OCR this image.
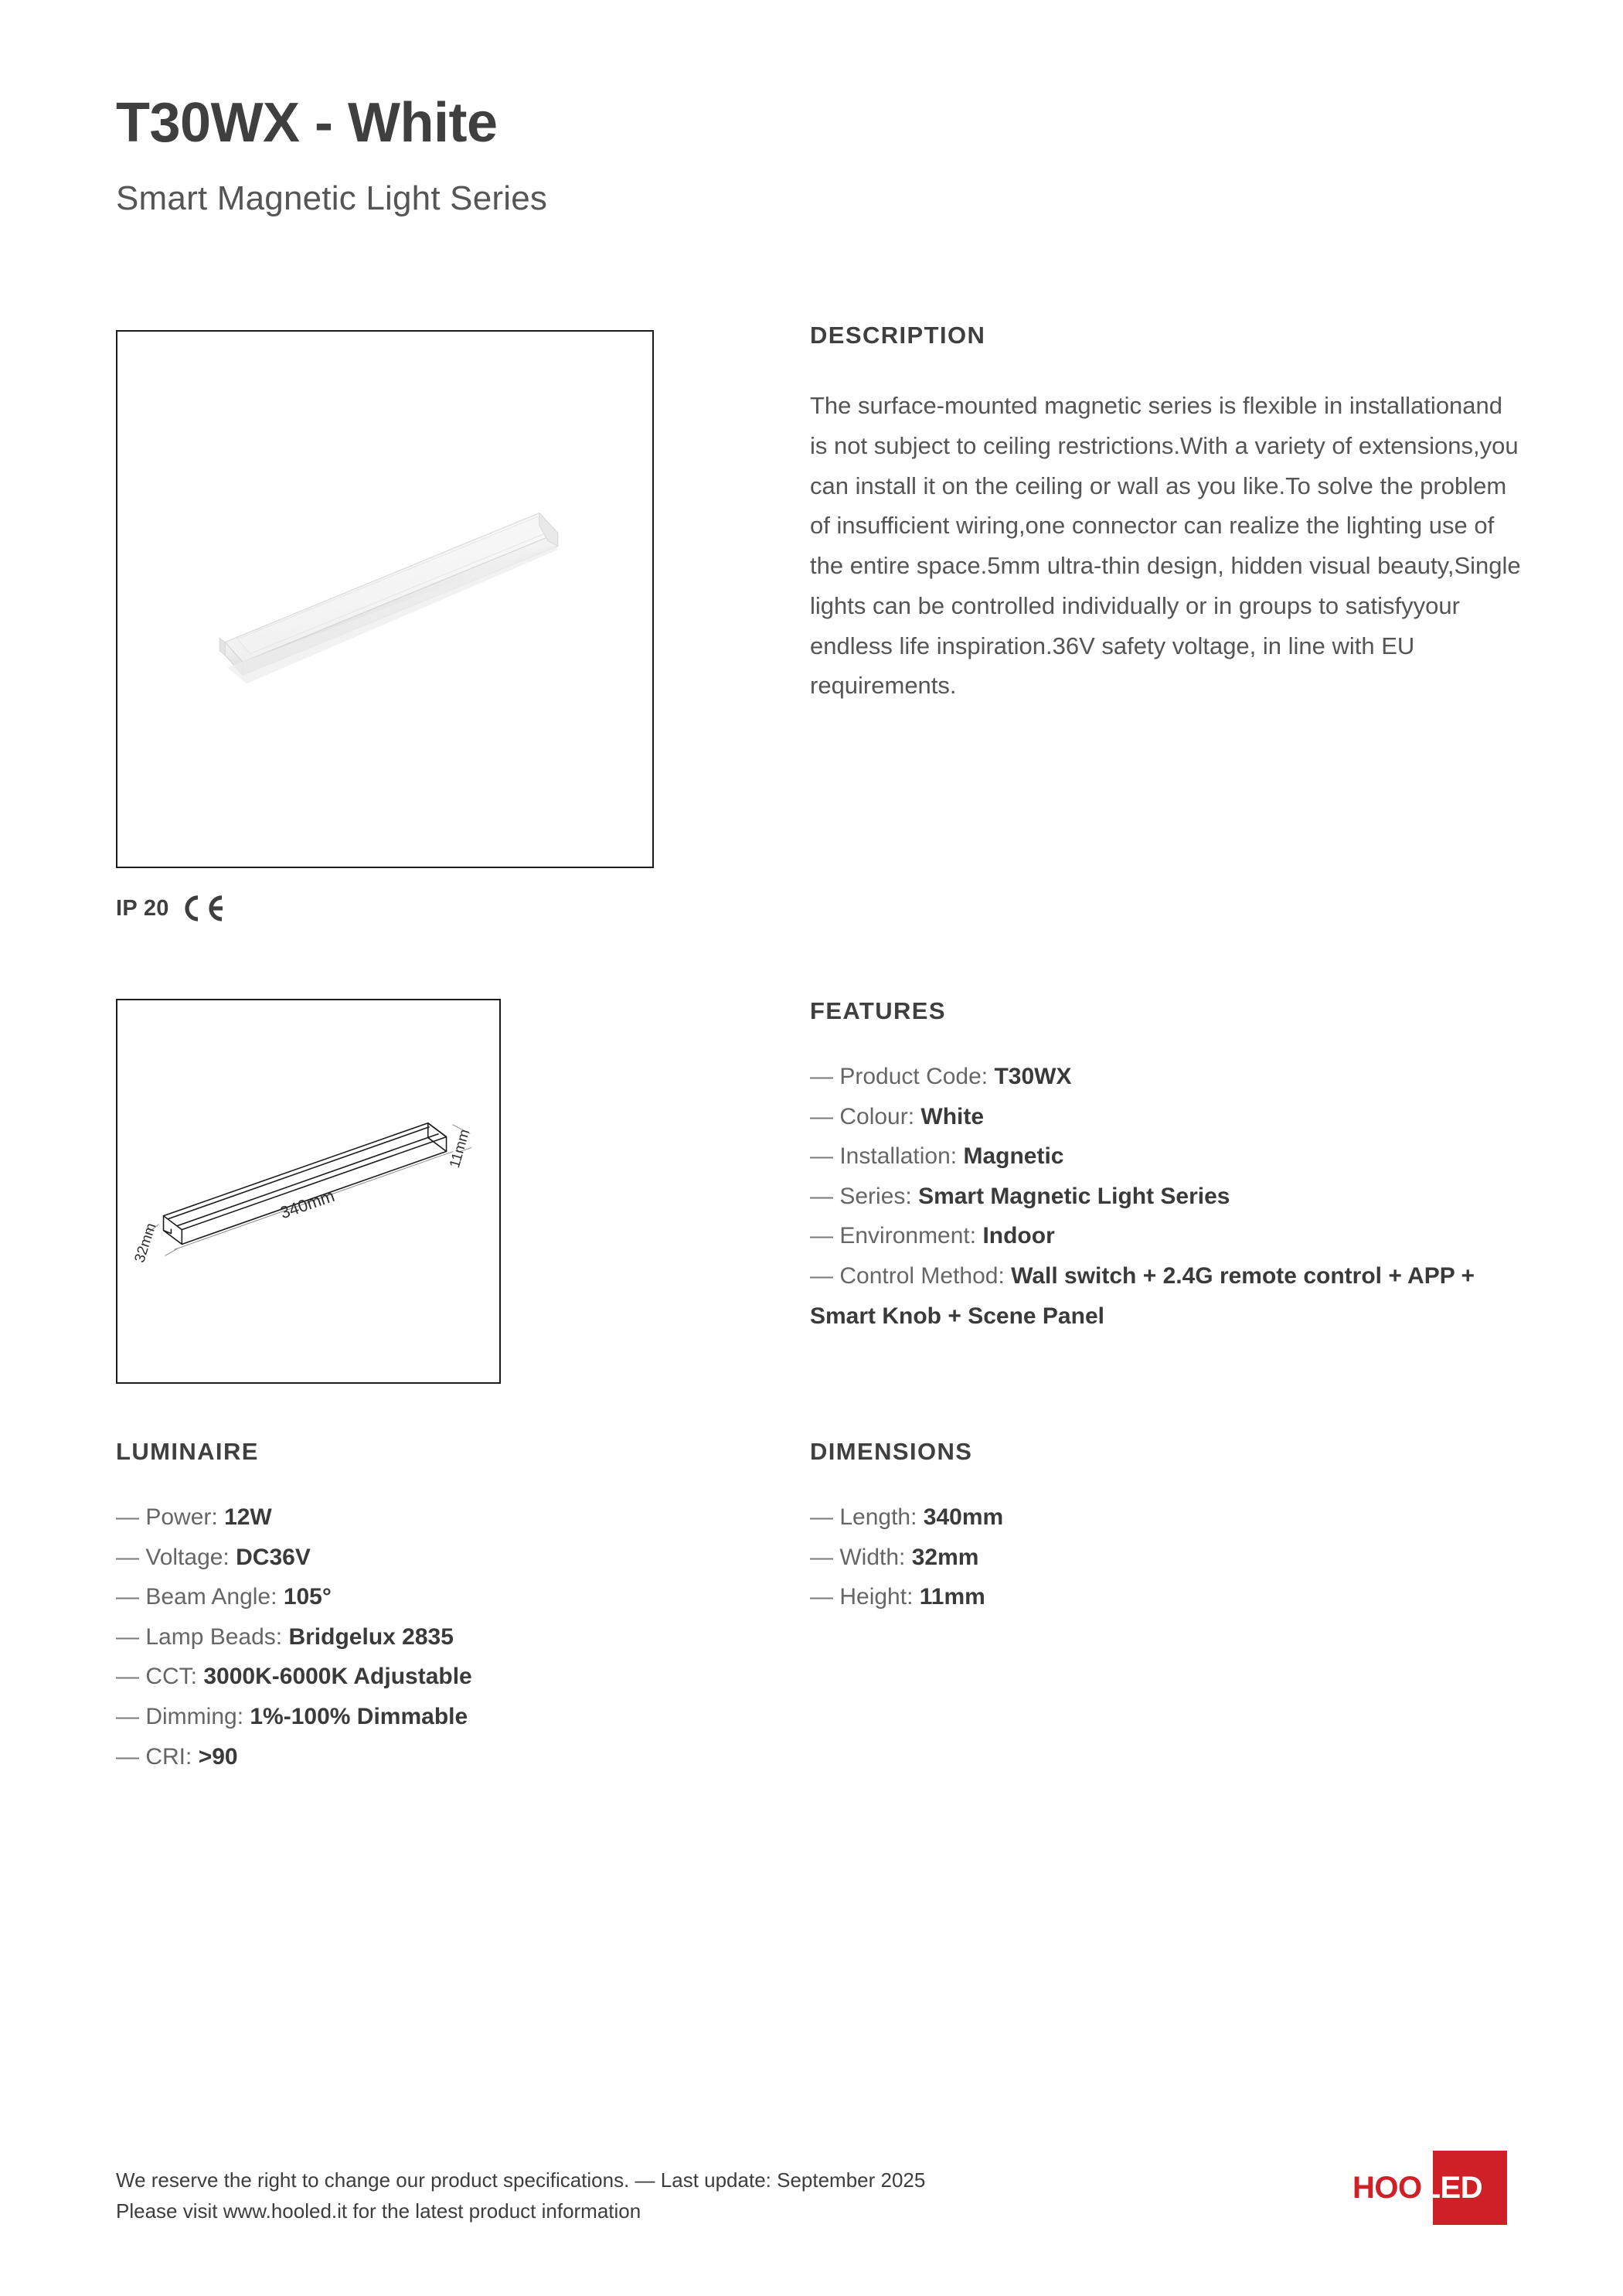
T30WX - White
Smart Magnetic Light Series
IP 20
340mm
11mm
32mm
DESCRIPTION

The surface-mounted magnetic series is flexible in installationand is not subject to ceiling restrictions.With a variety of extensions,you can install it on the ceiling or wall as you like.To solve the problem of insufficient wiring,one connector can realize the lighting use of the entire space.5mm ultra-thin design, hidden visual beauty,Single lights can be controlled individually or in groups to satisfyyour endless life inspiration.36V safety voltage, in line with EU requirements.

FEATURES
— Product Code: T30WX
— Colour: White
— Installation: Magnetic
— Series: Smart Magnetic Light Series
— Environment: Indoor
— Control Method: Wall switch + 2.4G remote control + APP + Smart Knob + Scene Panel
LUMINAIRE
— Power: 12W
— Voltage: DC36V
— Beam Angle: 105°
— Lamp Beads: Bridgelux 2835
— CCT: 3000K-6000K Adjustable
— Dimming: 1%-100% Dimmable
— CRI: >90
DIMENSIONS
— Length: 340mm
— Width: 32mm
— Height: 11mm
We reserve the right to change our product specifications. — Last update: September 2025
Please visit www.hooled.it for the latest product information
HOOLED
